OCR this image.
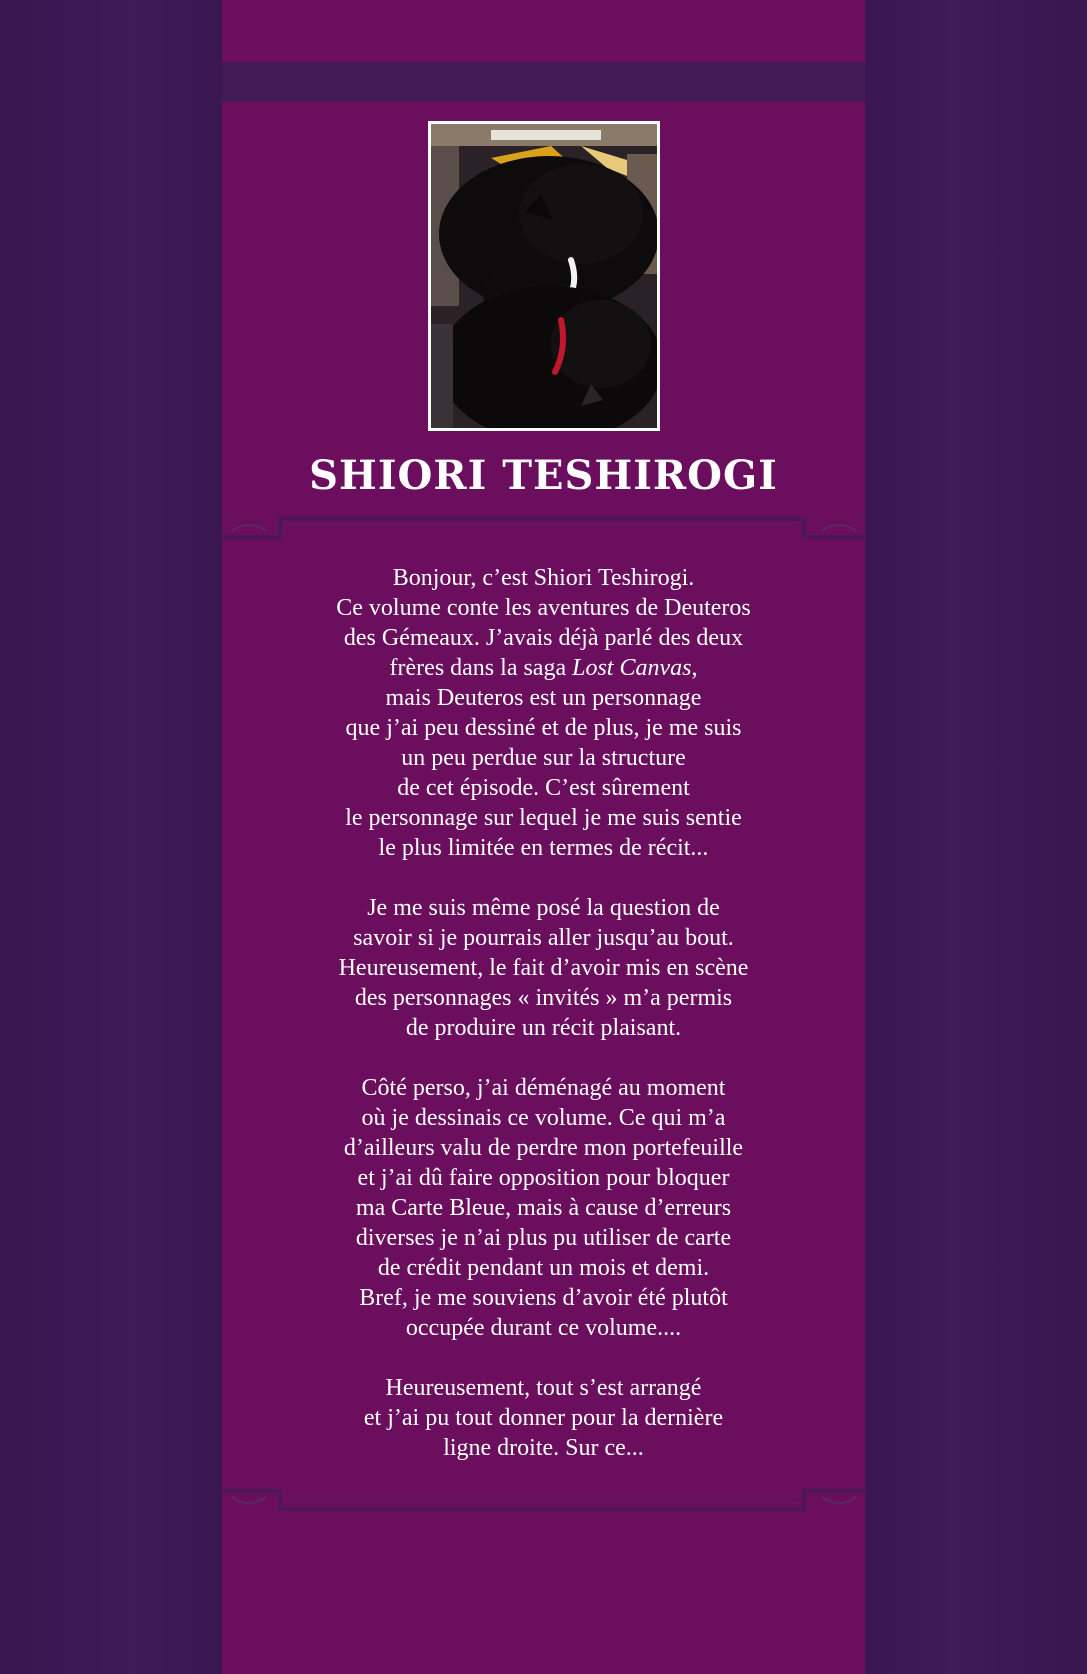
SHIORI TESHIROGI

Bonjour, c’est Shiori Teshirogi.
Ce volume conte les aventures de Deuteros
des Gémeaux. J’avais déjà parlé des deux
frères dans la saga Lost Canvas,
mais Deuteros est un personnage
que j’ai peu dessiné et de plus, je me suis
un peu perdue sur la structure
de cet épisode. C’est sûrement
le personnage sur lequel je me suis sentie
le plus limitée en termes de récit...

Je me suis même posé la question de
savoir si je pourrais aller jusqu’au bout.
Heureusement, le fait d’avoir mis en scène
des personnages « invités » m’a permis
de produire un récit plaisant.

Côté perso, j’ai déménagé au moment
où je dessinais ce volume. Ce qui m’a
d’ailleurs valu de perdre mon portefeuille
et j’ai dû faire opposition pour bloquer
ma Carte Bleue, mais à cause d’erreurs
diverses je n’ai plus pu utiliser de carte
de crédit pendant un mois et demi.
Bref, je me souviens d’avoir été plutôt
occupée durant ce volume....

Heureusement, tout s’est arrangé
et j’ai pu tout donner pour la dernière
ligne droite. Sur ce...
